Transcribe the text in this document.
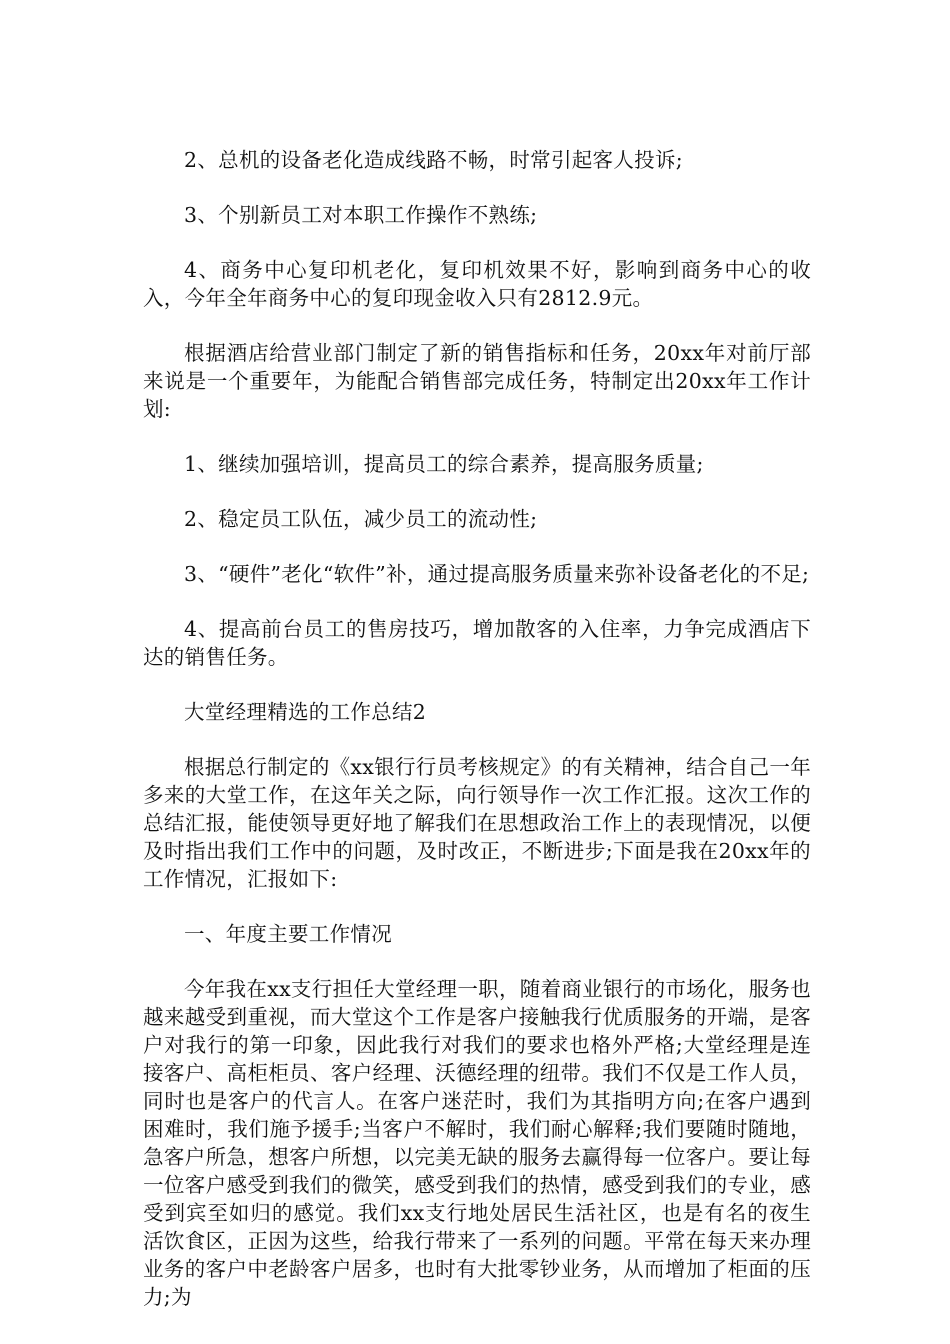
2、总机的设备老化造成线路不畅，时常引起客人投诉;

3、个别新员工对本职工作操作不熟练;

4、商务中心复印机老化，复印机效果不好，影响到商务中心的收入，今年全年商务中心的复印现金收入只有2812.9元。

根据酒店给营业部门制定了新的销售指标和任务，20xx年对前厅部来说是一个重要年，为能配合销售部完成任务，特制定出20xx年工作计划:

1、继续加强培训，提高员工的综合素养，提高服务质量;

2、稳定员工队伍，减少员工的流动性;

3、“硬件”老化“软件”补，通过提高服务质量来弥补设备老化的不足;

4、提高前台员工的售房技巧，增加散客的入住率，力争完成酒店下达的销售任务。

大堂经理精选的工作总结2

根据总行制定的《xx银行行员考核规定》的有关精神，结合自己一年多来的大堂工作，在这年关之际，向行领导作一次工作汇报。这次工作的总结汇报，能使领导更好地了解我们在思想政治工作上的表现情况，以便及时指出我们工作中的问题，及时改正，不断进步;下面是我在20xx年的工作情况，汇报如下:

一、年度主要工作情况

今年我在xx支行担任大堂经理一职，随着商业银行的市场化，服务也越来越受到重视，而大堂这个工作是客户接触我行优质服务的开端，是客户对我行的第一印象，因此我行对我们的要求也格外严格;大堂经理是连接客户、高柜柜员、客户经理、沃德经理的纽带。我们不仅是工作人员，同时也是客户的代言人。在客户迷茫时，我们为其指明方向;在客户遇到困难时，我们施予援手;当客户不解时，我们耐心解释;我们要随时随地，急客户所急，想客户所想，以完美无缺的服务去赢得每一位客户。要让每一位客户感受到我们的微笑，感受到我们的热情，感受到我们的专业，感受到宾至如归的感觉。我们xx支行地处居民生活社区，也是有名的夜生活饮食区，正因为这些，给我行带来了一系列的问题。平常在每天来办理业务的客户中老龄客户居多，也时有大批零钞业务，从而增加了柜面的压力;为
